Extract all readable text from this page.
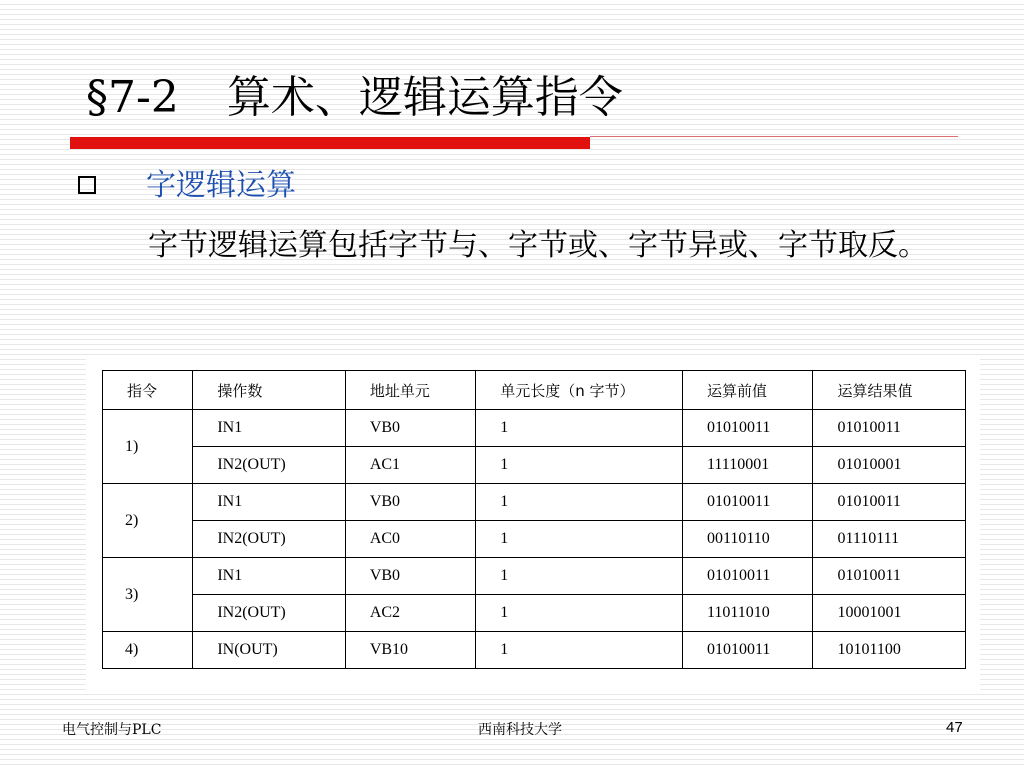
§7-2 算术、逻辑运算指令
字逻辑运算
字节逻辑运算包括字节与、字节或、字节异或、字节取反。
指令	操作数	地址单元	单元长度（n 字节）	运算前值	运算结果值
1)	IN1	VB0	1	01010011	01010011
	IN2(OUT)	AC1	1	11110001	01010001
2)	IN1	VB0	1	01010011	01010011
	IN2(OUT)	AC0	1	00110110	01110111
3)	IN1	VB0	1	01010011	01010011
	IN2(OUT)	AC2	1	11011010	10001001
4)	IN(OUT)	VB10	1	01010011	10101100
电气控制与PLC	西南科技大学	47
